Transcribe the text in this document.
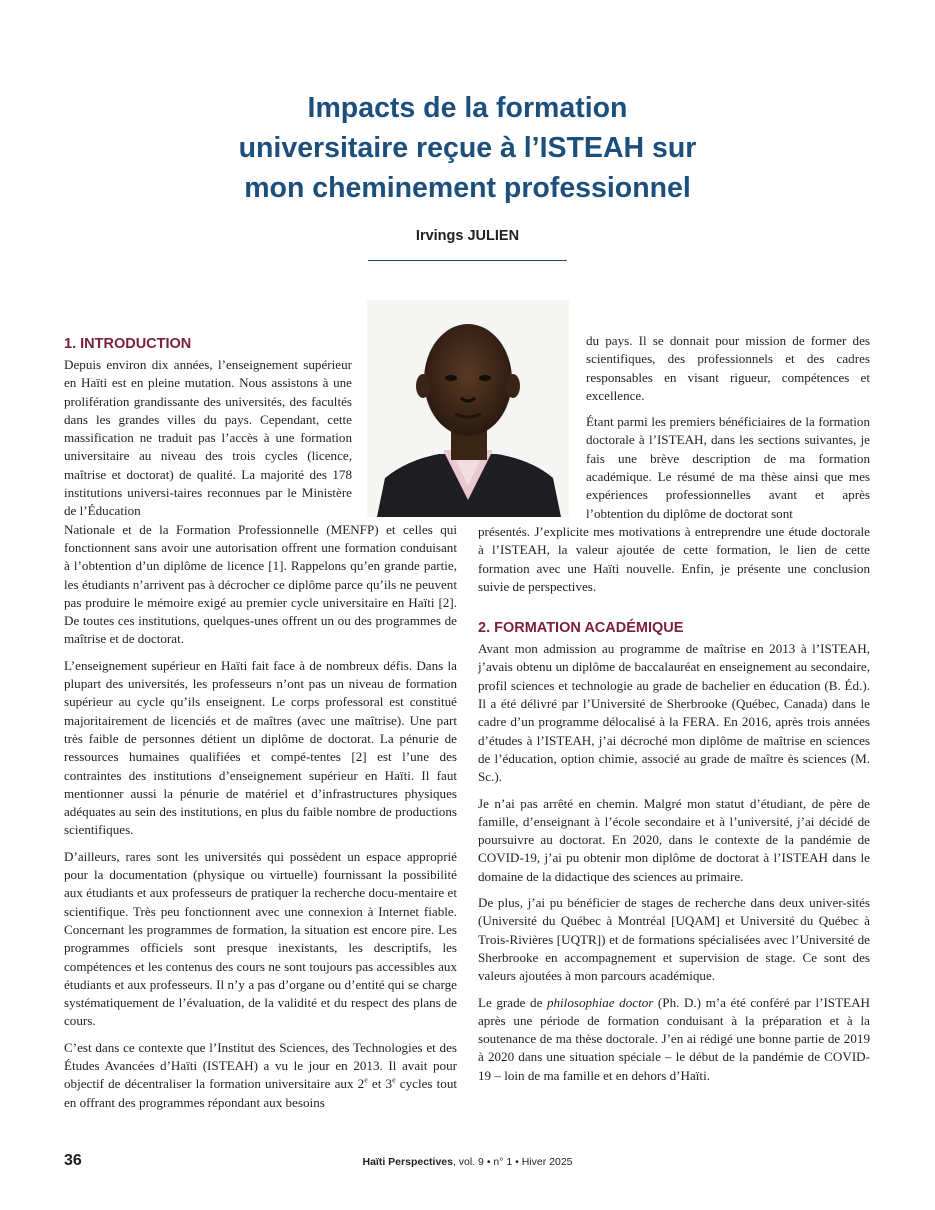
Impacts de la formation
universitaire reçue à l’ISTEAH sur
mon cheminement professionnel
Irvings JULIEN
1. INTRODUCTION

Depuis environ dix années, l’enseignement supérieur en Haïti est en pleine mutation. Nous assistons à une prolifération grandissante des universités, des facultés dans les grandes villes du pays. Cependant, cette massification ne traduit pas l’accès à une formation universitaire au niveau des trois cycles (licence, maîtrise et doctorat) de qualité. La majorité des 178 institutions universi-taires reconnues par le Ministère de l’Éducation

Nationale et de la Formation Professionnelle (MENFP) et celles qui fonctionnent sans avoir une autorisation offrent une formation conduisant à l’obtention d’un diplôme de licence [1]. Rappelons qu’en grande partie, les étudiants n’arrivent pas à décrocher ce diplôme parce qu’ils ne peuvent pas produire le mémoire exigé au premier cycle universitaire en Haïti [2]. De toutes ces institutions, quelques-unes offrent un ou des programmes de maîtrise et de doctorat.

L’enseignement supérieur en Haïti fait face à de nombreux défis. Dans la plupart des universités, les professeurs n’ont pas un niveau de formation supérieur au cycle qu’ils enseignent. Le corps professoral est constitué majoritairement de licenciés et de maîtres (avec une maîtrise). Une part très faible de personnes détient un diplôme de doctorat. La pénurie de ressources humaines qualifiées et compé-tentes [2] est l’une des contraintes des institutions d’enseignement supérieur en Haïti. Il faut mentionner aussi la pénurie de matériel et d’infrastructures physiques adéquates au sein des institutions, en plus du faible nombre de productions scientifiques.

D’ailleurs, rares sont les universités qui possèdent un espace approprié pour la documentation (physique ou virtuelle) fournissant la possibilité aux étudiants et aux professeurs de pratiquer la recherche docu-mentaire et scientifique. Très peu fonctionnent avec une connexion à Internet fiable. Concernant les programmes de formation, la situation est encore pire. Les programmes officiels sont presque inexistants, les descriptifs, les compétences et les contenus des cours ne sont toujours pas accessibles aux étudiants et aux professeurs. Il n’y a pas d’organe ou d’entité qui se charge systématiquement de l’évaluation, de la validité et du respect des plans de cours.

C’est dans ce contexte que l’Institut des Sciences, des Technologies et des Études Avancées d’Haïti (ISTEAH) a vu le jour en 2013. Il avait pour objectif de décentraliser la formation universitaire aux 2e et 3e cycles tout en offrant des programmes répondant aux besoins

du pays. Il se donnait pour mission de former des scientifiques, des professionnels et des cadres responsables en visant rigueur, compétences et excellence.

Étant parmi les premiers bénéficiaires de la formation doctorale à l’ISTEAH, dans les sections suivantes, je fais une brève description de ma formation académique. Le résumé de ma thèse ainsi que mes expériences professionnelles avant et après l’obtention du diplôme de doctorat sont

présentés. J’explicite mes motivations à entreprendre une étude doctorale à l’ISTEAH, la valeur ajoutée de cette formation, le lien de cette formation avec une Haïti nouvelle. Enfin, je présente une conclusion suivie de perspectives.

2. FORMATION ACADÉMIQUE

Avant mon admission au programme de maîtrise en 2013 à l’ISTEAH, j’avais obtenu un diplôme de baccalauréat en enseignement au secondaire, profil sciences et technologie au grade de bachelier en éducation (B. Éd.). Il a été délivré par l’Université de Sherbrooke (Québec, Canada) dans le cadre d’un programme délocalisé à la FERA. En 2016, après trois années d’études à l’ISTEAH, j’ai décroché mon diplôme de maîtrise en sciences de l’éducation, option chimie, associé au grade de maître ès sciences (M. Sc.).

Je n’ai pas arrêté en chemin. Malgré mon statut d’étudiant, de père de famille, d’enseignant à l’école secondaire et à l’université, j’ai décidé de poursuivre au doctorat. En 2020, dans le contexte de la pandémie de COVID-19, j’ai pu obtenir mon diplôme de doctorat à l’ISTEAH dans le domaine de la didactique des sciences au primaire.

De plus, j’ai pu bénéficier de stages de recherche dans deux univer-sités (Université du Québec à Montréal [UQAM] et Université du Québec à Trois-Rivières [UQTR]) et de formations spécialisées avec l’Université de Sherbrooke en accompagnement et supervision de stage. Ce sont des valeurs ajoutées à mon parcours académique.

Le grade de philosophiae doctor (Ph. D.) m’a été conféré par l’ISTEAH après une période de formation conduisant à la préparation et à la soutenance de ma thèse doctorale. J’en ai rédigé une bonne partie de 2019 à 2020 dans une situation spéciale – le début de la pandémie de COVID-19 – loin de ma famille et en dehors d’Haïti.

36	Haïti Perspectives, vol. 9 • n° 1 • Hiver 2025
